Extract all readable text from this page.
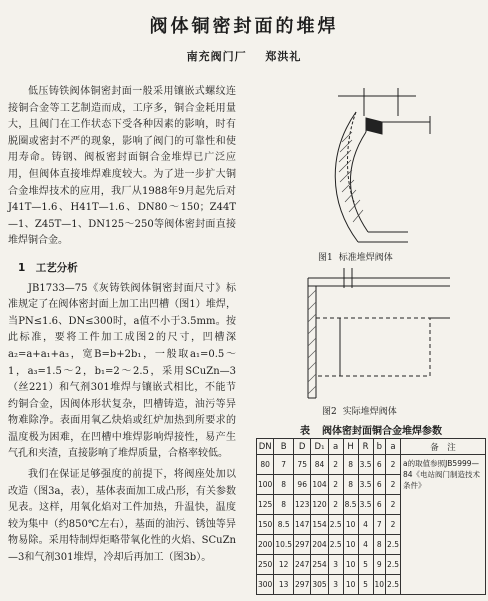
阀体铜密封面的堆焊
南充阀门厂 郑洪礼

低压铸铁阀体铜密封面一般采用镶嵌式螺纹连接铜合金等工艺制造而成，工序多，铜合金耗用量大，且阀门在工作状态下受各种因素的影响，时有脱圈或密封不严的现象，影响了阀门的可靠性和使用寿命。铸钢、阀板密封面铜合金堆焊已广泛应用，但阀体直接堆焊难度较大。为了进一步扩大铜合金堆焊技术的应用，我厂从1988年9月起先后对J41T—1.6、H41T—1.6、DN80～150；Z44T—1、Z45T—1、DN125～250等阀体密封面直接堆焊铜合金。

1　工艺分析

JB1733—75《灰铸铁阀体铜密封面尺寸》标准规定了在阀体密封面上加工出凹槽（图1）堆焊，当PN≤1.6、DN≤300时，a值不小于3.5mm。按此标准，要将工件加工成图2的尺寸，凹槽深a₂=a+a₁+a₃，宽B=b+2b₁，一般取a₁=0.5～1，a₃=1.5～2，b₁=2～2.5，采用SCuZn—3（丝221）和气剂301堆焊与镶嵌式相比，不能节约铜合金，因阀体形状复杂，凹槽铸造，油污等异物难除净。表面用氧乙炔焰或红炉加热到所要求的温度极为困难，在凹槽中堆焊影响焊接性，易产生气孔和夹渣，直接影响了堆焊质量，合格率较低。

我们在保证足够强度的前提下，将阀座处加以改造（图3a，表），基体表面加工成凸形，有关参数见表。这样，用氧化焰对工件加热，升温快，温度较为集中（约850℃左右），基面的油污、锈蚀等异物易除。采用特制焊炬略带氧化性的火焰、SCuZn—3和气剂301堆焊，冷却后再加工（图3b）。

图1 标准堆焊阀体
图2 实际堆焊阀体
表 阀体密封面铜合金堆焊参数
DN	B	D	D₁	a	H	R	b	a	备　注
80	7	75	84	2	8	3.5	6	2	a的取值参照JB5999—84《电站阀门制造技术条件》
100	8	96	104	2	8	3.5	6	2	
125	8	123	120	2	8.5	3.5	6	2	
150	8.5	147	154	2.5	10	4	7	2	
200	10.5	297	204	2.5	10	4	8	2.5	
250	12	247	254	3	10	5	9	2.5	
300	13	297	305	3	10	5	10	2.5	
